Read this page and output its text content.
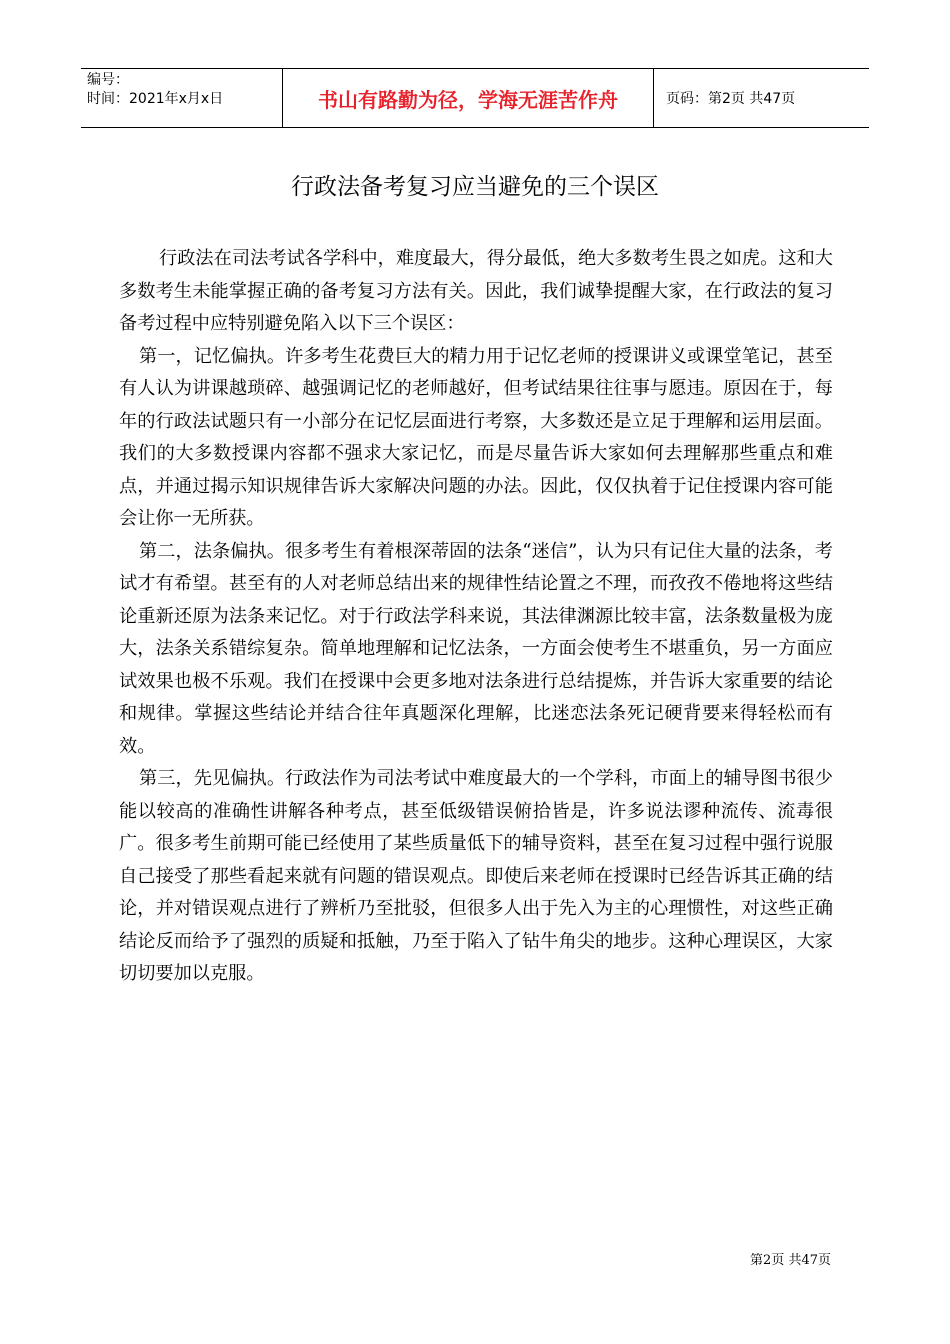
编号：
时间：2021年x月x日	书山有路勤为径，学海无涯苦作舟	页码：第2页 共47页
行政法备考复习应当避免的三个误区

行政法在司法考试各学科中，难度最大，得分最低，绝大多数考生畏之如虎。这和大多数考生未能掌握正确的备考复习方法有关。因此，我们诚挚提醒大家，在行政法的复习备考过程中应特别避免陷入以下三个误区：

第一，记忆偏执。许多考生花费巨大的精力用于记忆老师的授课讲义或课堂笔记，甚至有人认为讲课越琐碎、越强调记忆的老师越好，但考试结果往往事与愿违。原因在于，每年的行政法试题只有一小部分在记忆层面进行考察，大多数还是立足于理解和运用层面。我们的大多数授课内容都不强求大家记忆，而是尽量告诉大家如何去理解那些重点和难点，并通过揭示知识规律告诉大家解决问题的办法。因此，仅仅执着于记住授课内容可能会让你一无所获。

第二，法条偏执。很多考生有着根深蒂固的法条“迷信”，认为只有记住大量的法条，考试才有希望。甚至有的人对老师总结出来的规律性结论置之不理，而孜孜不倦地将这些结论重新还原为法条来记忆。对于行政法学科来说，其法律渊源比较丰富，法条数量极为庞大，法条关系错综复杂。简单地理解和记忆法条，一方面会使考生不堪重负，另一方面应试效果也极不乐观。我们在授课中会更多地对法条进行总结提炼，并告诉大家重要的结论和规律。掌握这些结论并结合往年真题深化理解，比迷恋法条死记硬背要来得轻松而有效。

第三，先见偏执。行政法作为司法考试中难度最大的一个学科，市面上的辅导图书很少能以较高的准确性讲解各种考点，甚至低级错误俯拾皆是，许多说法谬种流传、流毒很广。很多考生前期可能已经使用了某些质量低下的辅导资料，甚至在复习过程中强行说服自己接受了那些看起来就有问题的错误观点。即使后来老师在授课时已经告诉其正确的结论，并对错误观点进行了辨析乃至批驳，但很多人出于先入为主的心理惯性，对这些正确结论反而给予了强烈的质疑和抵触，乃至于陷入了钻牛角尖的地步。这种心理误区，大家切切要加以克服。

第2页 共47页
